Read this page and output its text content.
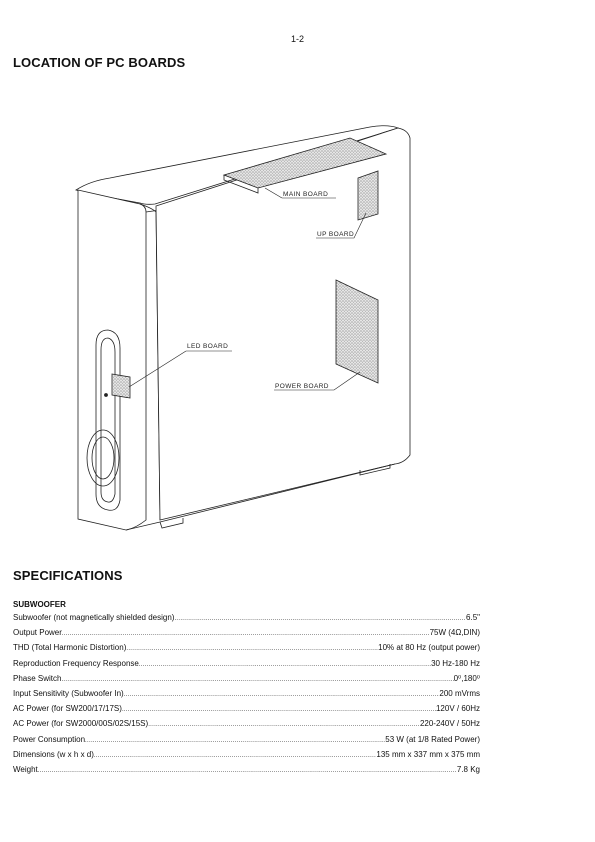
1-2
LOCATION OF PC BOARDS
MAIN BOARD
UP BOARD
LED BOARD
POWER BOARD
SPECIFICATIONS
SUBWOOFER
Subwoofer (not magnetically shielded design) .....	6.5"
Output Power .....	75W (4Ω,DIN)
THD (Total Harmonic Distortion) .....	10% at 80 Hz (output power)
Reproduction Frequency Response .....	30 Hz-180 Hz
Phase Switch .....	0⁰,180⁰
Input Sensitivity (Subwoofer In) .....	200 mVrms
AC Power (for SW200/17/17S) .....	120V / 60Hz
AC Power (for SW2000/00S/02S/15S) .....	220-240V / 50Hz
Power Consumption .....	53 W (at 1/8 Rated Power)
Dimensions (w x h x d) .....	135 mm x 337 mm x 375 mm
Weight .....	7.8 Kg
